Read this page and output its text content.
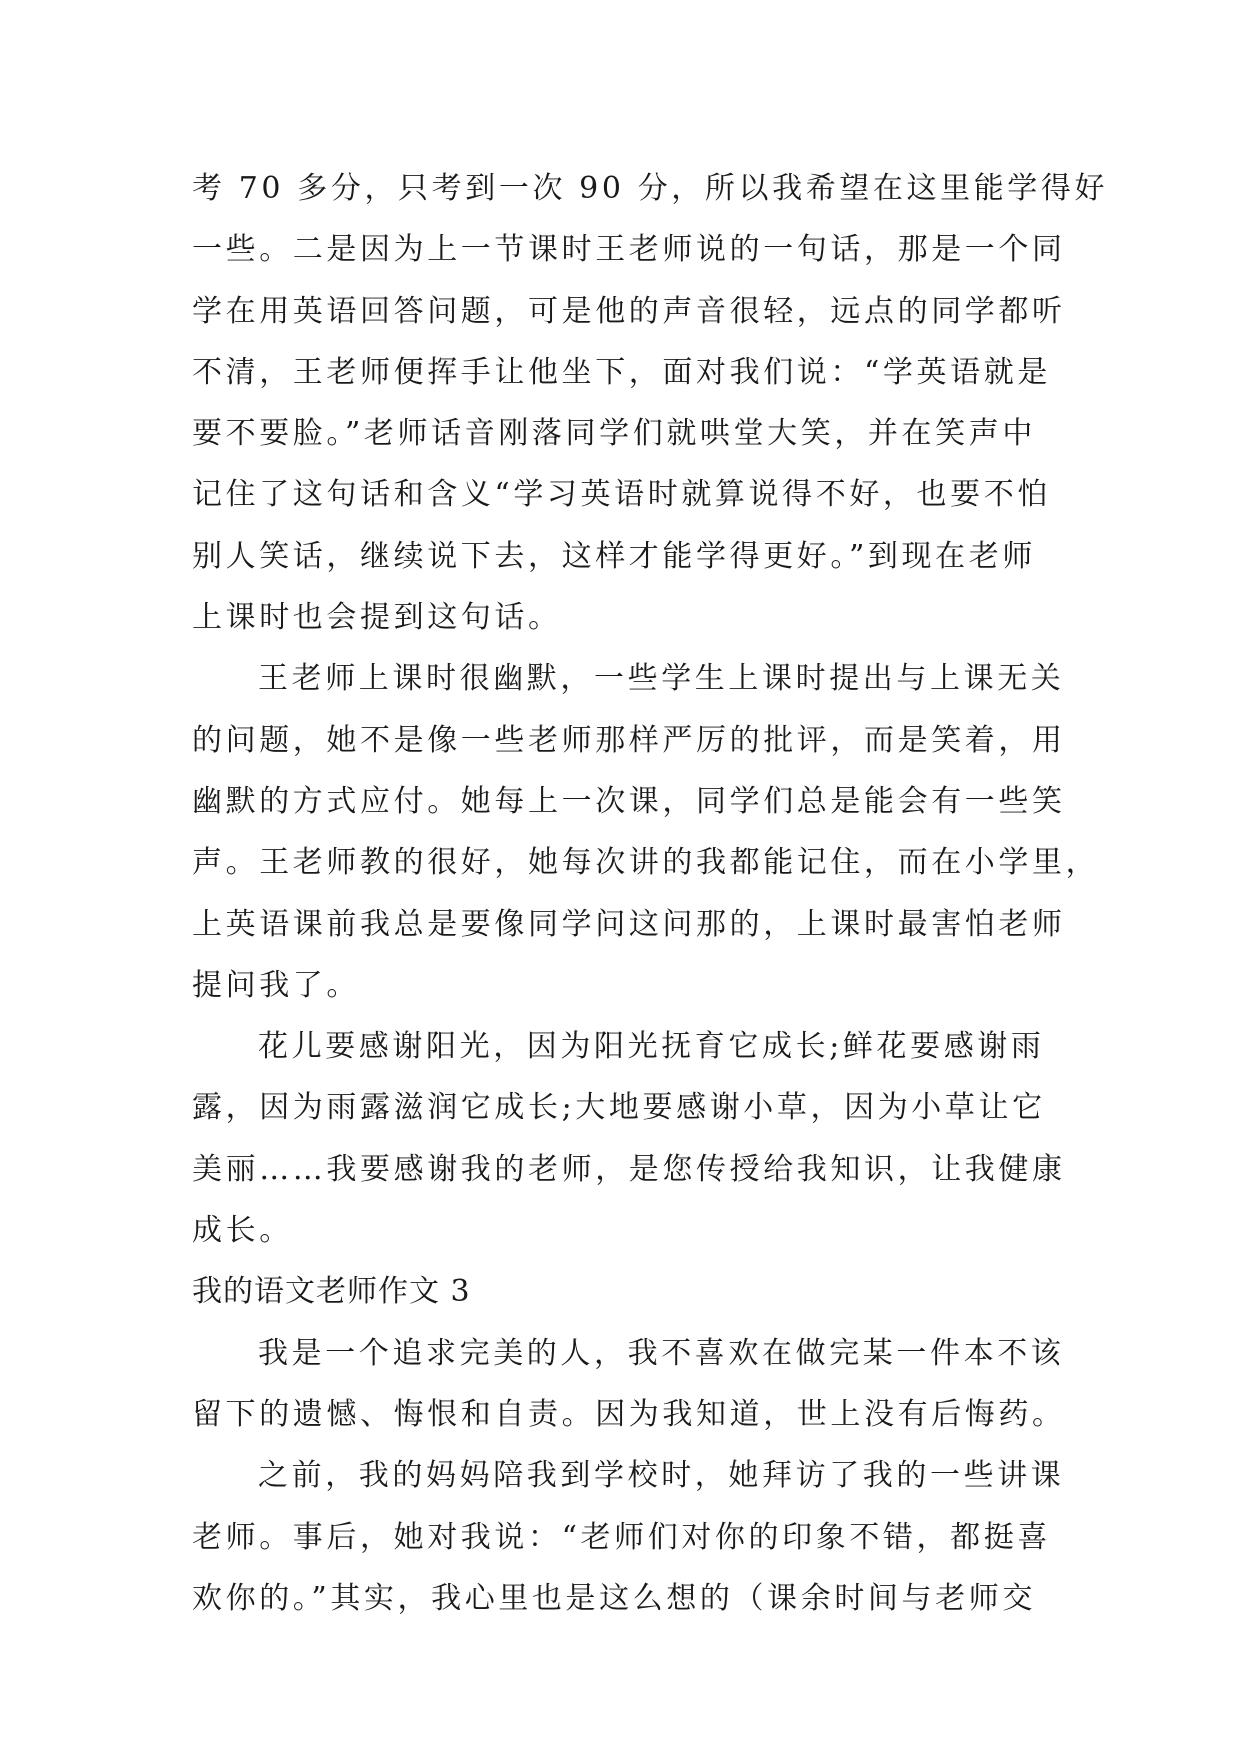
考 70 多分，只考到一次 90 分，所以我希望在这里能学得好
一些。二是因为上一节课时王老师说的一句话，那是一个同
学在用英语回答问题，可是他的声音很轻，远点的同学都听
不清，王老师便挥手让他坐下，面对我们说：“学英语就是
要不要脸。”老师话音刚落同学们就哄堂大笑，并在笑声中
记住了这句话和含义“学习英语时就算说得不好，也要不怕
别人笑话，继续说下去，这样才能学得更好。”到现在老师
上课时也会提到这句话。
王老师上课时很幽默，一些学生上课时提出与上课无关
的问题，她不是像一些老师那样严厉的批评，而是笑着，用
幽默的方式应付。她每上一次课，同学们总是能会有一些笑
声。王老师教的很好，她每次讲的我都能记住，而在小学里，
上英语课前我总是要像同学问这问那的，上课时最害怕老师
提问我了。
花儿要感谢阳光，因为阳光抚育它成长;鲜花要感谢雨
露，因为雨露滋润它成长;大地要感谢小草，因为小草让它
美丽……我要感谢我的老师，是您传授给我知识，让我健康
成长。
我的语文老师作文 3
我是一个追求完美的人，我不喜欢在做完某一件本不该
留下的遗憾、悔恨和自责。因为我知道，世上没有后悔药。
之前，我的妈妈陪我到学校时，她拜访了我的一些讲课
老师。事后，她对我说：“老师们对你的印象不错，都挺喜
欢你的。”其实，我心里也是这么想的（课余时间与老师交
